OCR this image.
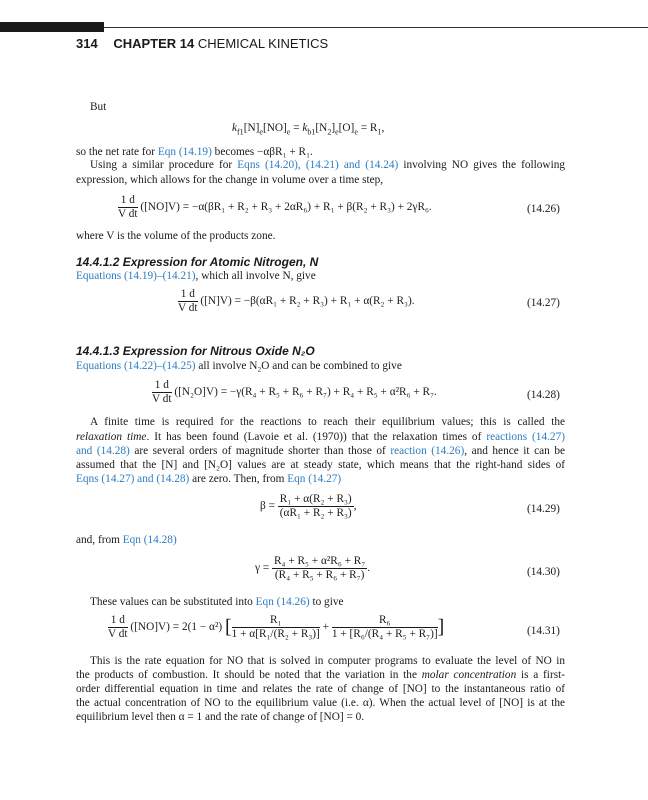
314 CHAPTER 14 CHEMICAL KINETICS
But
$k_{f1}[N]_e[NO]_e = k_{b1}[N_2]_e[O]_e = R_1$,
so the net rate for Eqn (14.19) becomes −αβR₁ + R₁.
Using a similar procedure for Eqns (14.20), (14.21) and (14.24) involving NO gives the following
expression, which allows for the change in volume over a time step,
$\frac{1 d}{\text{V dt}} ([NO]V) = -\alpha(\beta R_1 + R_2 + R_3 + 2\alpha R_6) + R_1 + \beta(R_2 + R_3) + 2\gamma R_6$.	(14.26)
where V is the volume of the products zone.
14.4.1.2 Expression for Atomic Nitrogen, N
Equations (14.19)–(14.21), which all involve N, give
$\frac{1 d}{\text{V dt}} ([N]V) = -\beta(\alpha R_1 + R_2 + R_3) + R_1 + \alpha(R_2 + R_3)$.	(14.27)
14.4.1.3 Expression for Nitrous Oxide N₂O
Equations (14.22)–(14.25) all involve N₂O and can be combined to give
$\frac{1 d}{\text{V dt}} ([N_2O]V) = -\gamma(R_4 + R_5 + R_6 + R_7) + R_4 + R_5 + \alpha^2R_6 + R_7$.	(14.28)
A finite time is required for the reactions to reach their equilibrium values; this is called the
relaxation time. It has been found (Lavoie et al. (1970)) that the relaxation times of reactions (14.27)
and (14.28) are several orders of magnitude shorter than those of reaction (14.26), and hence it can be
assumed that the [N] and [N₂O] values are at steady state, which means that the right-hand sides of
Eqns (14.27) and (14.28) are zero. Then, from Eqn (14.27)
$\beta = \frac{\text{R₁ + α(R₂ + R₃)}}{\text{(αR₁ + R₂ + R₃)}}$ ,	(14.29)
and, from Eqn (14.28)
$\gamma = \frac{\text{R₄ + R₅ + α²R₆ + R₇}}{\text{(R₄ + R₅ + R₆ + R₇)}}$ .	(14.30)
These values can be substituted into Eqn (14.26) to give
$\frac{1 d}{\text{V dt}} ([NO]V) = 2(1 - \alpha^2)$ [ $\frac{\text{R₁}}{\text{1 + α[R₁/(R₂ + R₃)]}} + \frac{\text{R₆}}{\text{1 + [R₆/(R₄ + R₅ + R₇)]}}$ ]	(14.31)
This is the rate equation for NO that is solved in computer programs to evaluate the level of NO in
the products of combustion. It should be noted that the variation in the molar concentration is a first-
order differential equation in time and relates the rate of change of [NO] to the instantaneous ratio of
the actual concentration of NO to the equilibrium value (i.e. α). When the actual level of [NO] is at the
equilibrium level then α = 1 and the rate of change of [NO] = 0.
